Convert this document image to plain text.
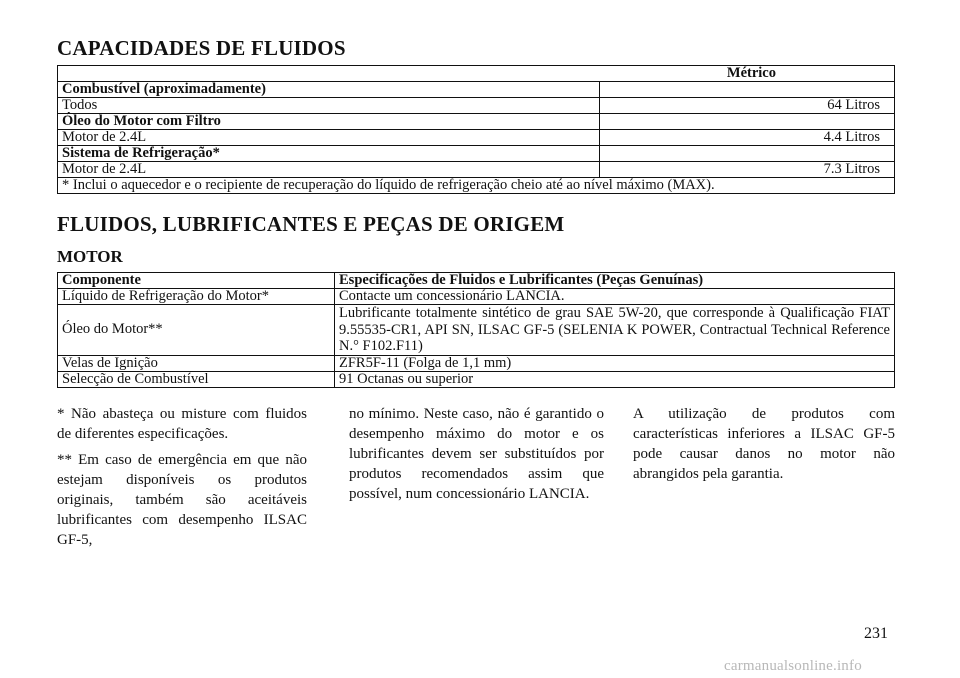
CAPACIDADES DE FLUIDOS
Métrico	
Combustível (aproximadamente)	
Todos	64 Litros
Óleo do Motor com Filtro	
Motor de 2.4L	4.4 Litros
Sistema de Refrigeração*	
Motor de 2.4L	7.3 Litros
* Inclui o aquecedor e o recipiente de recuperação do líquido de refrigeração cheio até ao nível máximo (MAX).	
FLUIDOS, LUBRIFICANTES E PEÇAS DE ORIGEM
MOTOR
Componente	Especificações de Fluidos e Lubrificantes (Peças Genuínas)
Líquido de Refrigeração do Motor*	Contacte um concessionário LANCIA.
Óleo do Motor**	Lubrificante totalmente sintético de grau SAE 5W-20, que corresponde à Qualificação FIAT 9.55535-CR1, API SN, ILSAC GF-5 (SELENIA K POWER, Contractual Technical Reference N.° F102.F11)
Velas de Ignição	ZFR5F-11 (Folga de 1,1 mm)
Selecção de Combustível	91 Octanas ou superior

* Não abasteça ou misture com fluidos de diferentes especificações.

** Em caso de emergência em que não estejam disponíveis os produtos originais, também são aceitáveis lubrificantes com desempenho ILSAC GF-5,

no mínimo. Neste caso, não é garantido o desempenho máximo do motor e os lubrificantes devem ser substituídos por produtos recomendados assim que possível, num concessionário LANCIA.

A utilização de produtos com características inferiores a ILSAC GF-5 pode causar danos no motor não abrangidos pela garantia.

231
carmanualsonline.info
